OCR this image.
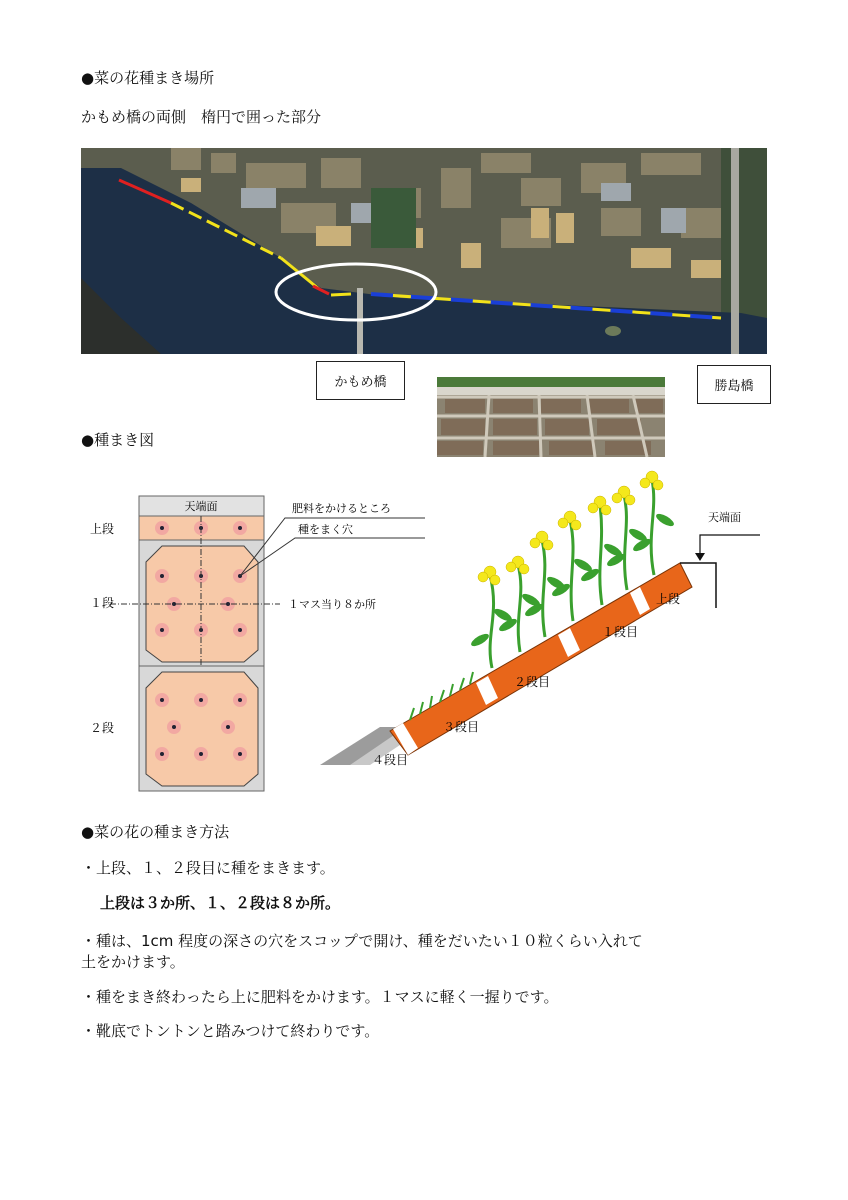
●菜の花種まき場所
かもめ橋の両側　楕円で囲った部分
かもめ橋	勝島橋
●種まき図
天端面
上段
１段
２段
肥料をかけるところ
種をまく穴
１マス当り８か所
天端面
上段
１段目
２段目
３段目
４段目
●菜の花の種まき方法
・上段、１、２段目に種をまきます。
上段は３か所、１、２段は８か所。
・種は、1cm 程度の深さの穴をスコップで開け、種をだいたい１０粒くらい入れて
土をかけます。
・種をまき終わったら上に肥料をかけます。１マスに軽く一握りです。
・靴底でトントンと踏みつけて終わりです。
